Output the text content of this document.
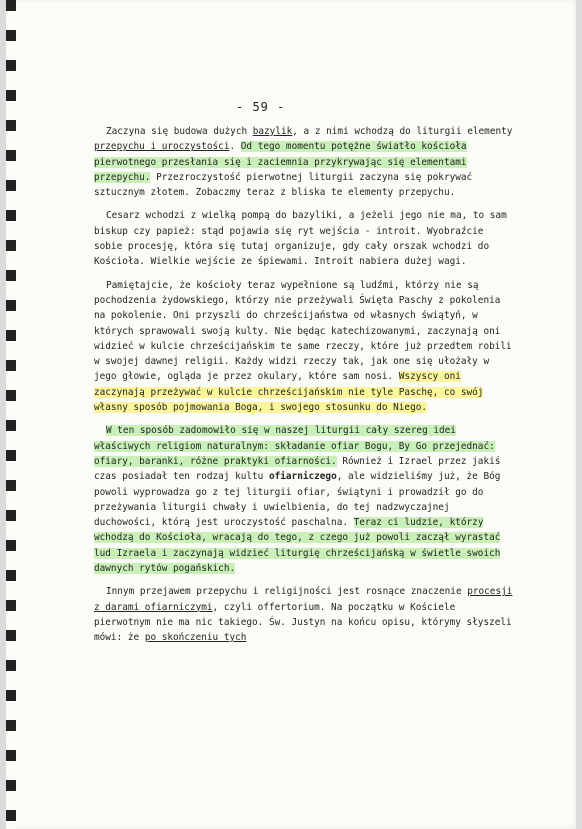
- 59 -

Zaczyna się budowa dużych bazylik, a z nimi wchodzą do liturgii elementy przepychu i uroczystości. Od tego momentu potężne światło kościoła pierwotnego przesłania się i zaciemnia przykrywając się elementami przepychu. Przezroczystość pierwotnej liturgii zaczyna się pokrywać sztucznym złotem. Zobaczmy teraz z bliska te elementy przepychu.

Cesarz wchodzi z wielką pompą do bazyliki, a jeżeli jego nie ma, to sam biskup czy papież: stąd pojawia się ryt wejścia - introit. Wyobraźcie sobie procesję, która się tutaj organizuje, gdy cały orszak wchodzi do Kościoła. Wielkie wejście ze śpiewami. Introit nabiera dużej wagi.

Pamiętajcie, że kościoły teraz wypełnione są ludźmi, którzy nie są pochodzenia żydowskiego, którzy nie przeżywali Święta Paschy z pokolenia na pokolenie. Oni przyszli do chrześcijaństwa od własnych świątyń, w których sprawowali swoją kulty. Nie będąc katechizowanymi, zaczynają oni widzieć w kulcie chrześcijańskim te same rzeczy, które już przedtem robili w swojej dawnej religii. Każdy widzi rzeczy tak, jak one się ułożały w jego głowie, ogląda je przez okulary, które sam nosi. Wszyscy oni zaczynają przeżywać w kulcie chrześcijańskim nie tyle Paschę, co swój własny sposób pojmowania Boga, i swojego stosunku do Niego.

W ten sposób zadomowiło się w naszej liturgii cały szereg idei właściwych religiom naturalnym: składanie ofiar Bogu, By Go przejednać: ofiary, baranki, różne praktyki ofiarności. Również i Izrael przez jakiś czas posiadał ten rodzaj kultu ofiarniczego, ale widzieliśmy już, że Bóg powoli wyprowadza go z tej liturgii ofiar, świątyni i prowadził go do przeżywania liturgii chwały i uwielbienia, do tej nadzwyczajnej duchowości, którą jest uroczystość paschalna. Teraz ci ludzie, którzy wchodzą do Kościoła, wracają do tego, z czego już powoli zaczął wyrastać lud Izraela i zaczynają widzieć liturgię chrześcijańską w świetle swoich dawnych rytów pogańskich.

Innym przejawem przepychu i religijności jest rosnące znaczenie procesji z darami ofiarniczymi, czyli offertorium. Na początku w Kościele pierwotnym nie ma nic takiego. Św. Justyn na końcu opisu, którymy słyszeli mówi: że po skończeniu tych
